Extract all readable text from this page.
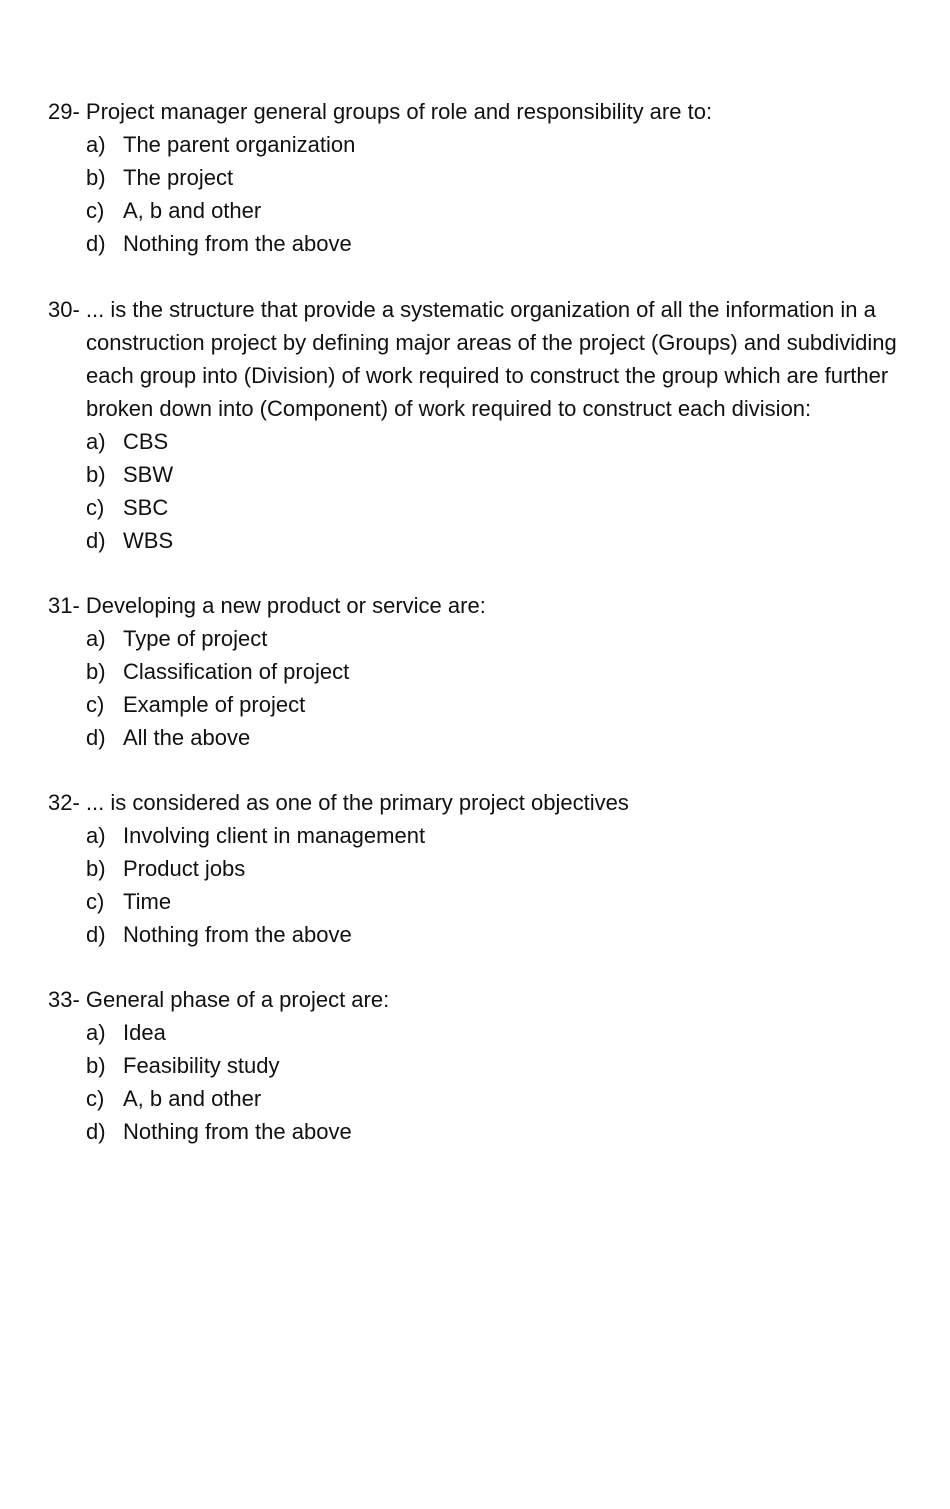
29- Project manager general groups of role and responsibility are to:
a) The parent organization
b) The project
c) A, b and other
d) Nothing from the above
30- ... is the structure that provide a systematic organization of all the information in a construction project by defining major areas of the project (Groups) and subdividing each group into (Division) of work required to construct the group which are further broken down into (Component) of work required to construct each division:
a) CBS
b) SBW
c) SBC
d) WBS
31- Developing a new product or service are:
a) Type of project
b) Classification of project
c) Example of project
d) All the above
32- ... is considered as one of the primary project objectives
a) Involving client in management
b) Product jobs
c) Time
d) Nothing from the above
33- General phase of a project are:
a) Idea
b) Feasibility study
c) A, b and other
d) Nothing from the above
